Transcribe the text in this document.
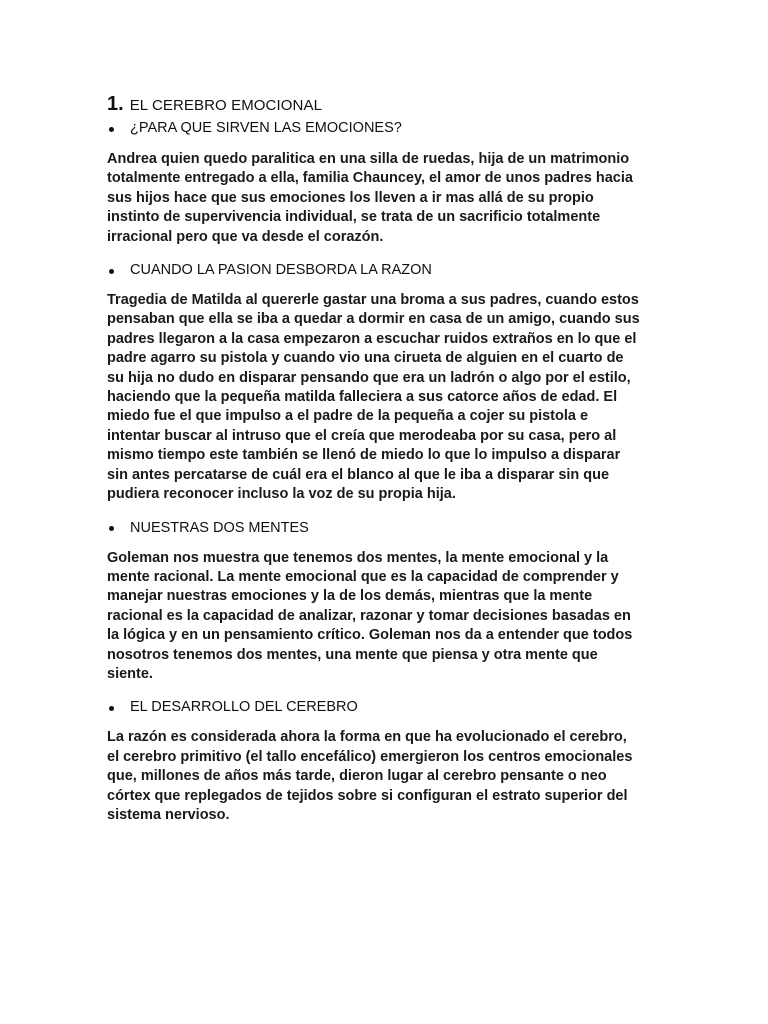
1. EL CEREBRO EMOCIONAL
¿PARA QUE SIRVEN LAS EMOCIONES?

Andrea quien quedo paralitica en una silla de ruedas, hija de un matrimonio
totalmente entregado a ella, familia Chauncey, el amor de unos padres hacia
sus hijos hace que sus emociones los lleven a ir mas allá de su propio
instinto de supervivencia individual, se trata de un sacrificio totalmente
irracional pero que va desde el corazón.

CUANDO LA PASION DESBORDA LA RAZON

Tragedia de Matilda al quererle gastar una broma a sus padres, cuando estos
pensaban que ella se iba a quedar a dormir en casa de un amigo, cuando sus
padres llegaron a la casa empezaron a escuchar ruidos extraños en lo que el
padre agarro su pistola y cuando vio una cirueta de alguien en el cuarto de
su hija no dudo en disparar pensando que era un ladrón o algo por el estilo,
haciendo que la pequeña matilda falleciera a sus catorce años de edad. El
miedo fue el que impulso a el padre de la pequeña a cojer su pistola e
intentar buscar al intruso que el creía que merodeaba por su casa, pero al
mismo tiempo este también se llenó de miedo lo que lo impulso a disparar
sin antes percatarse de cuál era el blanco al que le iba a disparar sin que
pudiera reconocer incluso la voz de su propia hija.

NUESTRAS DOS MENTES

Goleman nos muestra que tenemos dos mentes, la mente emocional y la
mente racional. La mente emocional que es la capacidad de comprender y
manejar nuestras emociones y la de los demás, mientras que la mente
racional es la capacidad de analizar, razonar y tomar decisiones basadas en
la lógica y en un pensamiento crítico. Goleman nos da a entender que todos
nosotros tenemos dos mentes, una mente que piensa y otra mente que
siente.

EL DESARROLLO DEL CEREBRO

La razón es considerada ahora la forma en que ha evolucionado el cerebro,
el cerebro primitivo (el tallo encefálico) emergieron los centros emocionales
que, millones de años más tarde, dieron lugar al cerebro pensante o neo
córtex que replegados de tejidos sobre si configuran el estrato superior del
sistema nervioso.
